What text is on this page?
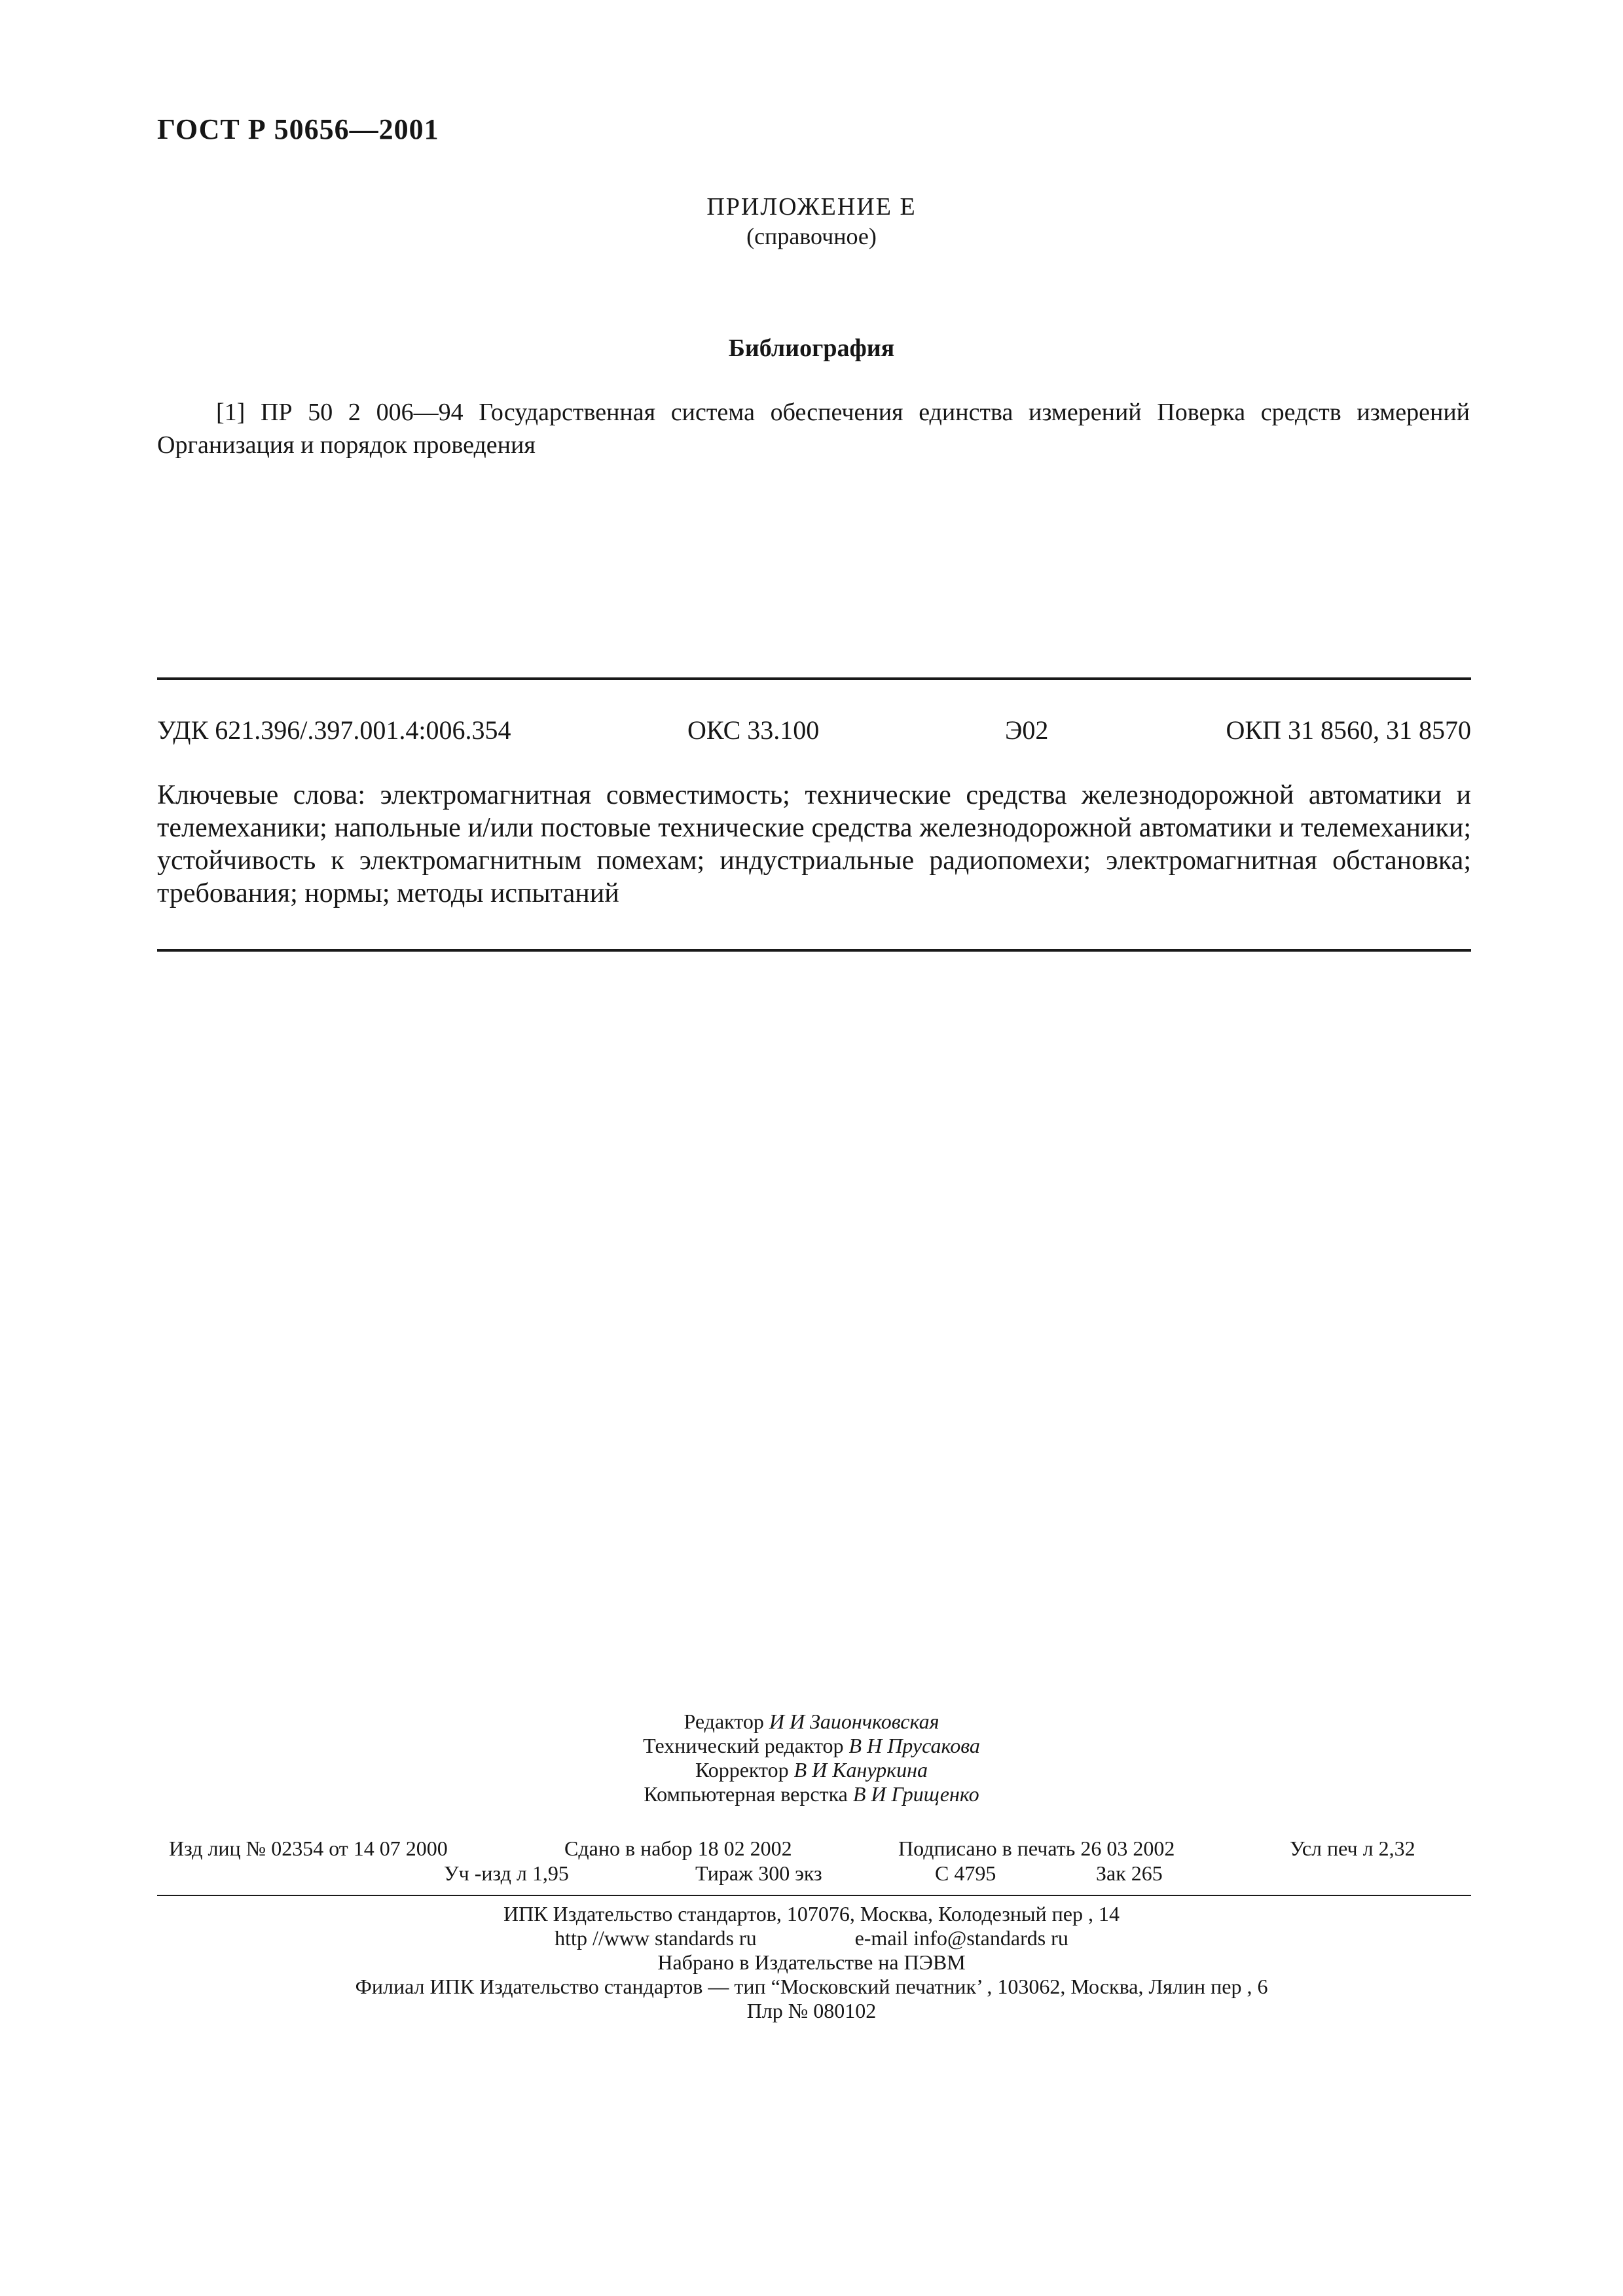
ГОСТ Р 50656—2001
ПРИЛОЖЕНИЕ Е
(справочное)
Библиография
[1] ПР 50 2 006—94 Государственная система обеспечения единства измерений Поверка средств измерений Организация и порядок проведения
УДК 621.396/.397.001.4:006.354	ОКС 33.100	Э02	ОКП 31 8560, 31 8570
Ключевые слова: электромагнитная совместимость; технические средства железнодорожной автоматики и телемеханики; напольные и/или постовые технические средства железнодорожной автоматики и телемеханики; устойчивость к электромагнитным помехам; индустриальные радиопомехи; электромагнитная обстановка; требования; нормы; методы испытаний
Редактор И И Заиончковская
Технический редактор В Н Прусакова
Корректор В И Кануркина
Компьютерная верстка В И Грищенко
Изд лиц № 02354 от 14 07 2000	Сдано в набор 18 02 2002	Подписано в печать 26 03 2002	Усл печ л 2,32
Уч -изд л 1,95	Тираж 300 экз	С 4795	Зак 265
ИПК Издательство стандартов, 107076, Москва, Колодезный пер , 14
http //www standards ru	e-mail info@standards ru
Набрано в Издательстве на ПЭВМ
Филиал ИПК Издательство стандартов — тип “Московский печатник’ , 103062, Москва, Лялин пер , 6
Плр № 080102
